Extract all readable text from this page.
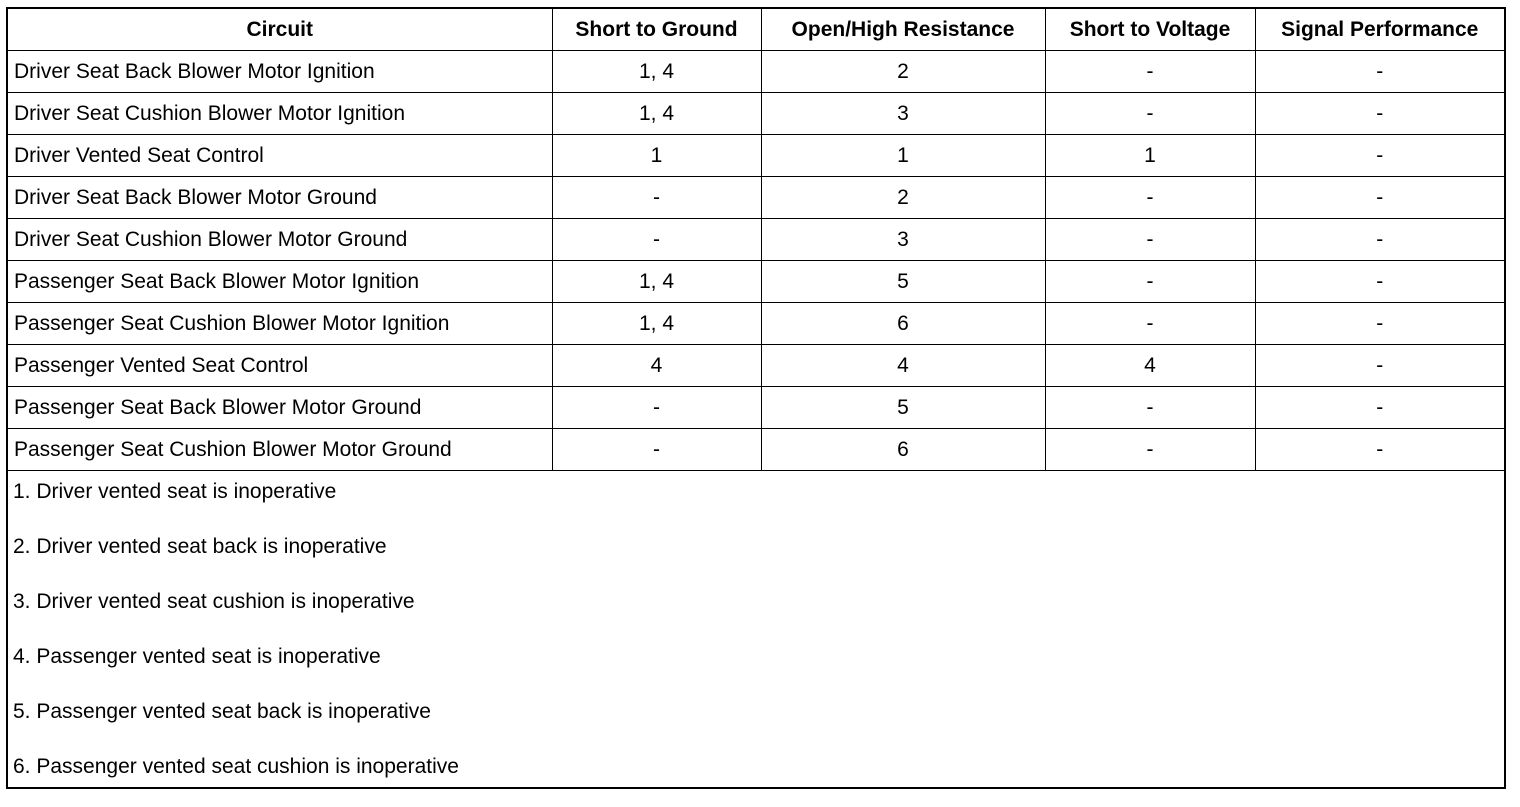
Circuit	Short to Ground	Open/High Resistance	Short to Voltage	Signal Performance
Driver Seat Back Blower Motor Ignition	1, 4	2	-	-
Driver Seat Cushion Blower Motor Ignition	1, 4	3	-	-
Driver Vented Seat Control	1	1	1	-
Driver Seat Back Blower Motor Ground	-	2	-	-
Driver Seat Cushion Blower Motor Ground	-	3	-	-
Passenger Seat Back Blower Motor Ignition	1, 4	5	-	-
Passenger Seat Cushion Blower Motor Ignition	1, 4	6	-	-
Passenger Vented Seat Control	4	4	4	-
Passenger Seat Back Blower Motor Ground	-	5	-	-
Passenger Seat Cushion Blower Motor Ground	-	6	-	-
1. Driver vented seat is inoperative
2. Driver vented seat back is inoperative
3. Driver vented seat cushion is inoperative
4. Passenger vented seat is inoperative
5. Passenger vented seat back is inoperative
6. Passenger vented seat cushion is inoperative
